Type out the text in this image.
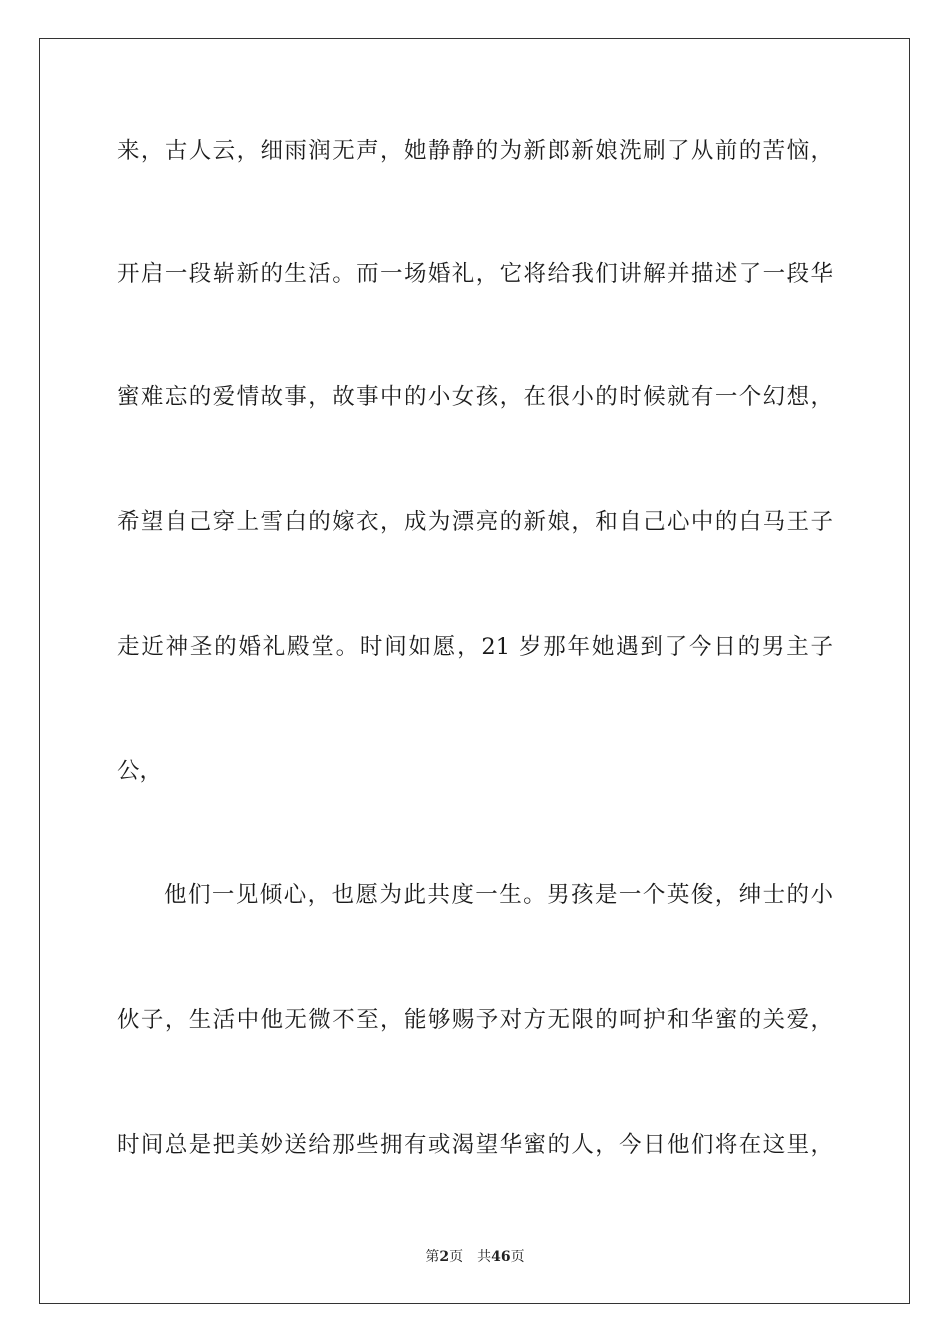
来，古人云，细雨润无声，她静静的为新郎新娘洗刷了从前的苦恼，
开启一段崭新的生活。而一场婚礼，它将给我们讲解并描述了一段华
蜜难忘的爱情故事，故事中的小女孩，在很小的时候就有一个幻想，
希望自己穿上雪白的嫁衣，成为漂亮的新娘，和自己心中的白马王子
走近神圣的婚礼殿堂。时间如愿，21 岁那年她遇到了今日的男主子
公，
他们一见倾心，也愿为此共度一生。男孩是一个英俊，绅士的小
伙子，生活中他无微不至，能够赐予对方无限的呵护和华蜜的关爱，
时间总是把美妙送给那些拥有或渴望华蜜的人，今日他们将在这里，
第2页 共46页
